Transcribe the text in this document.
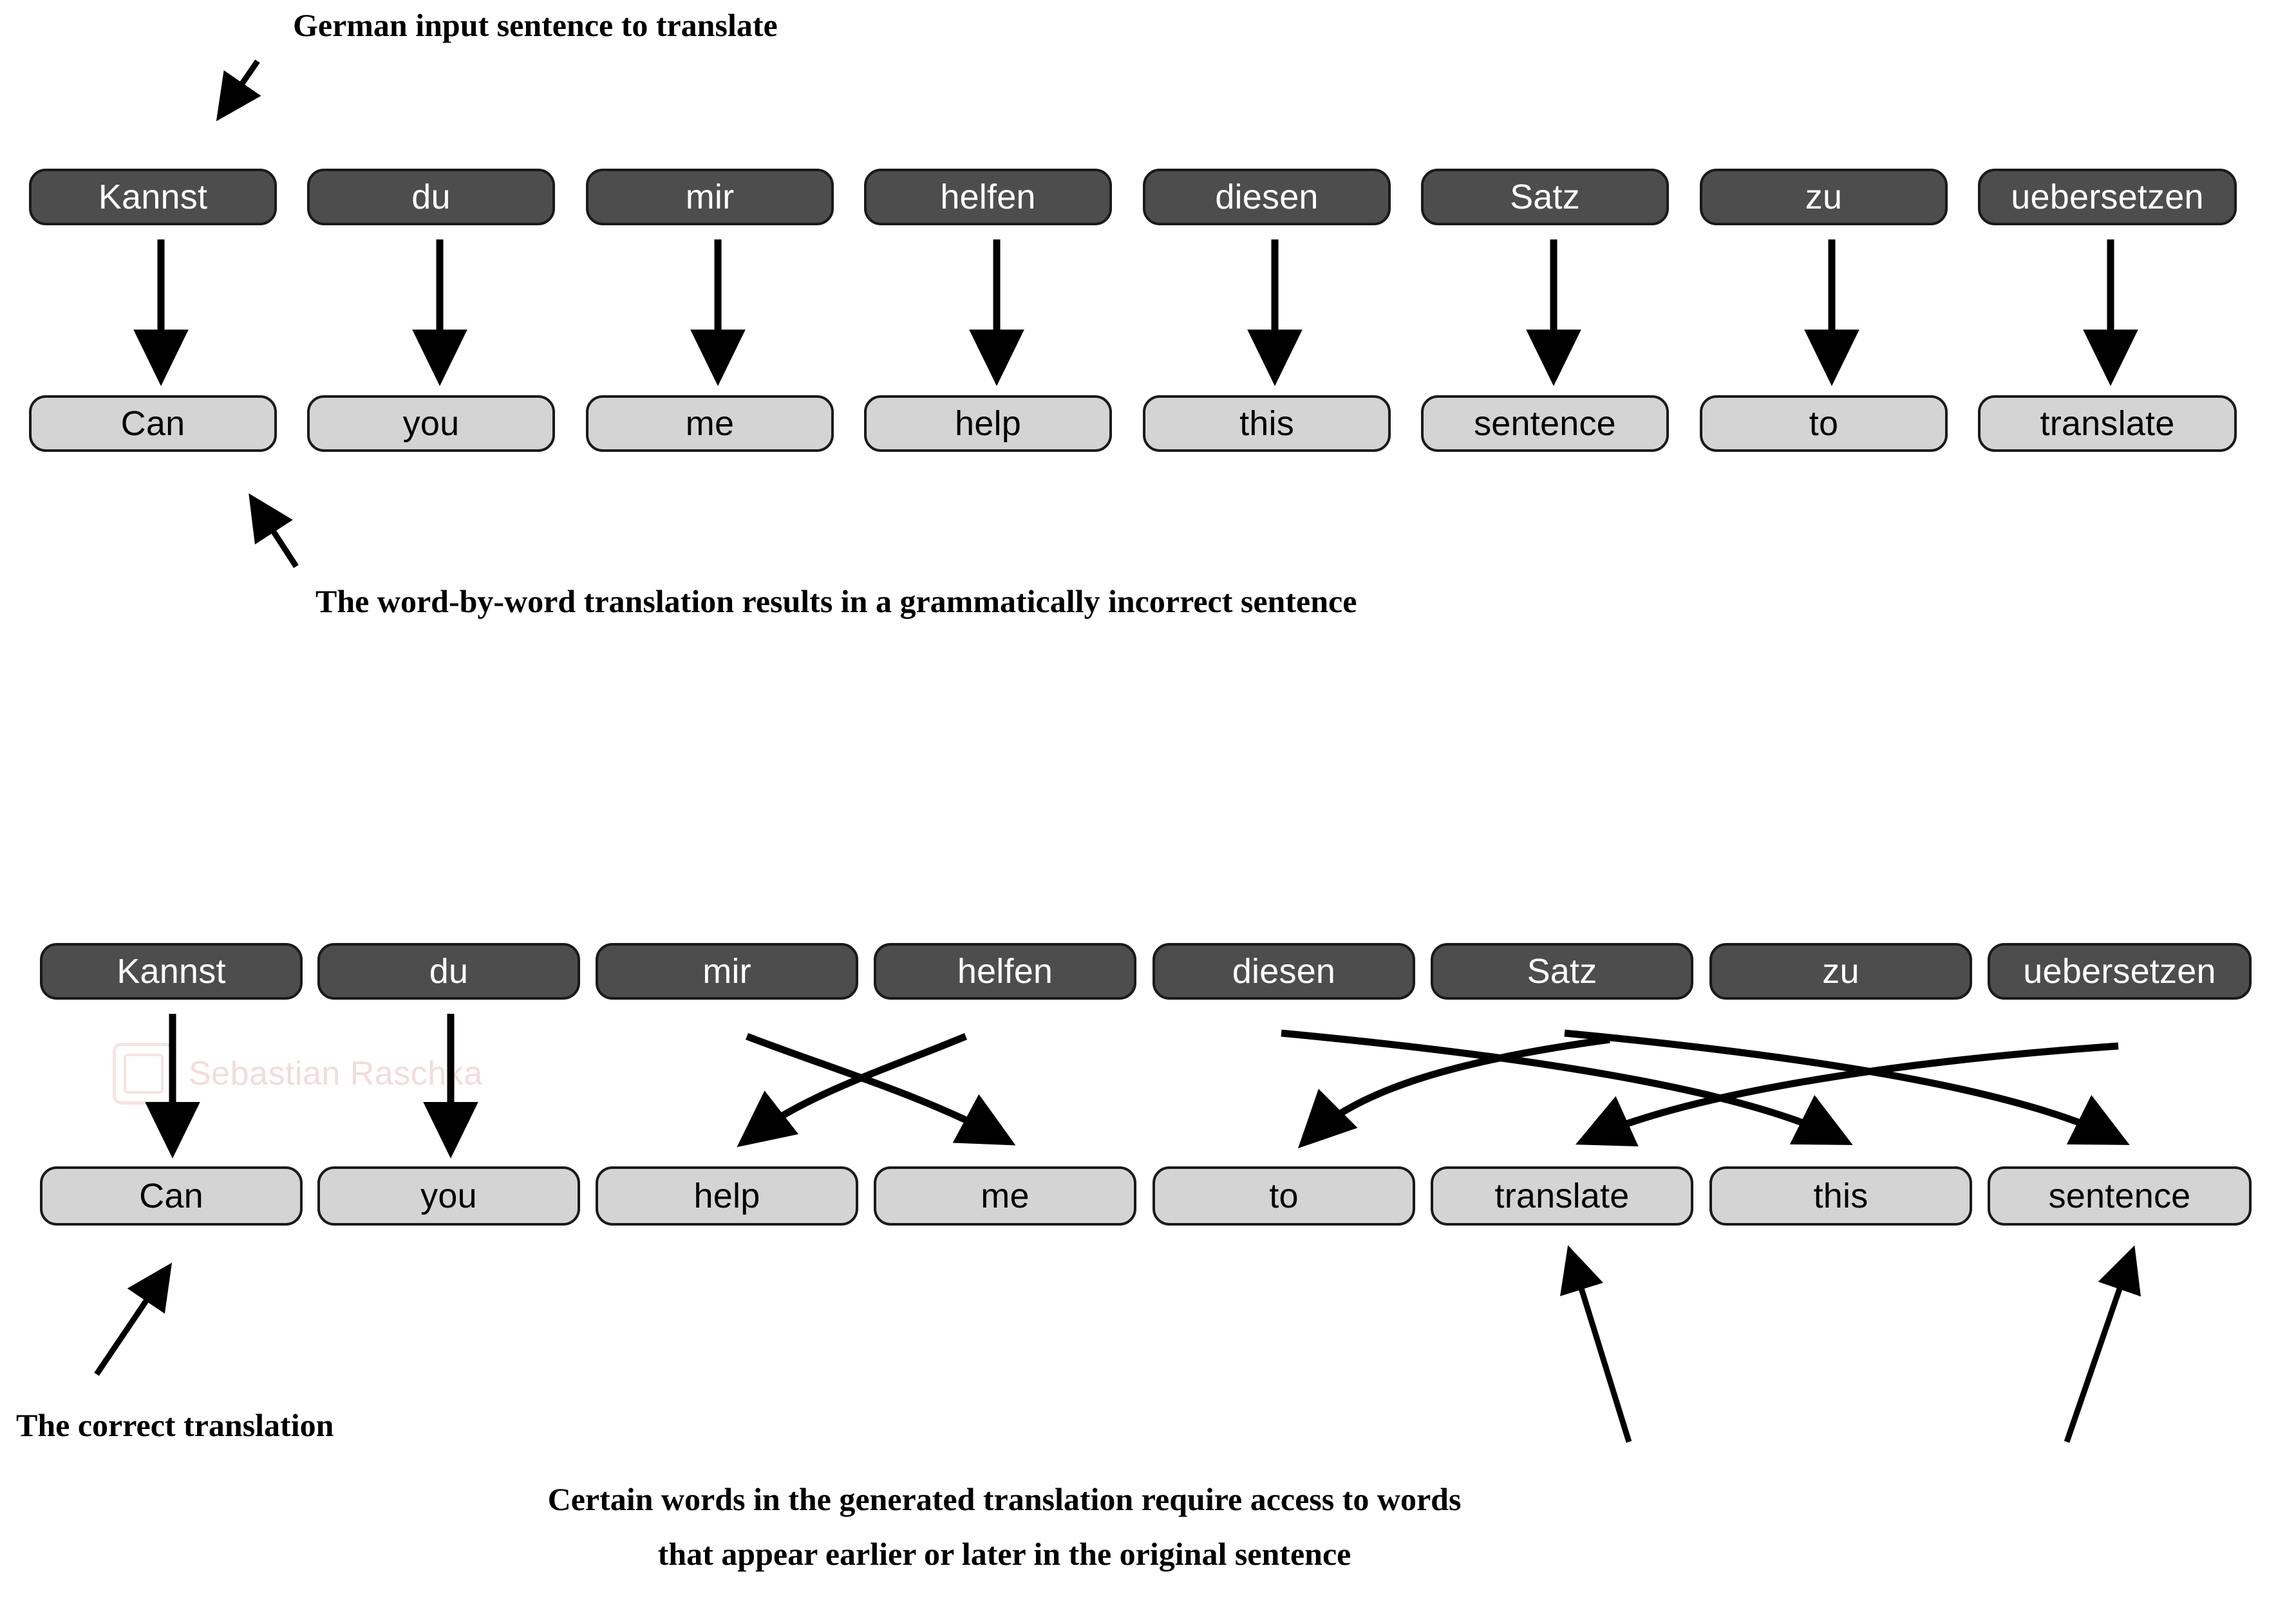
German input sentence to translate
Kannst	du	mir	helfen	diesen	Satz	zu	uebersetzen
Can	you	me	help	this	sentence	to	translate
The word-by-word translation results in a grammatically incorrect sentence
Kannst	du	mir	helfen	diesen	Satz	zu	uebersetzen
Can	you	help	me	to	translate	this	sentence
The correct translation
Certain words in the generated translation require access to words
that appear earlier or later in the original sentence
Sebastian Raschka
